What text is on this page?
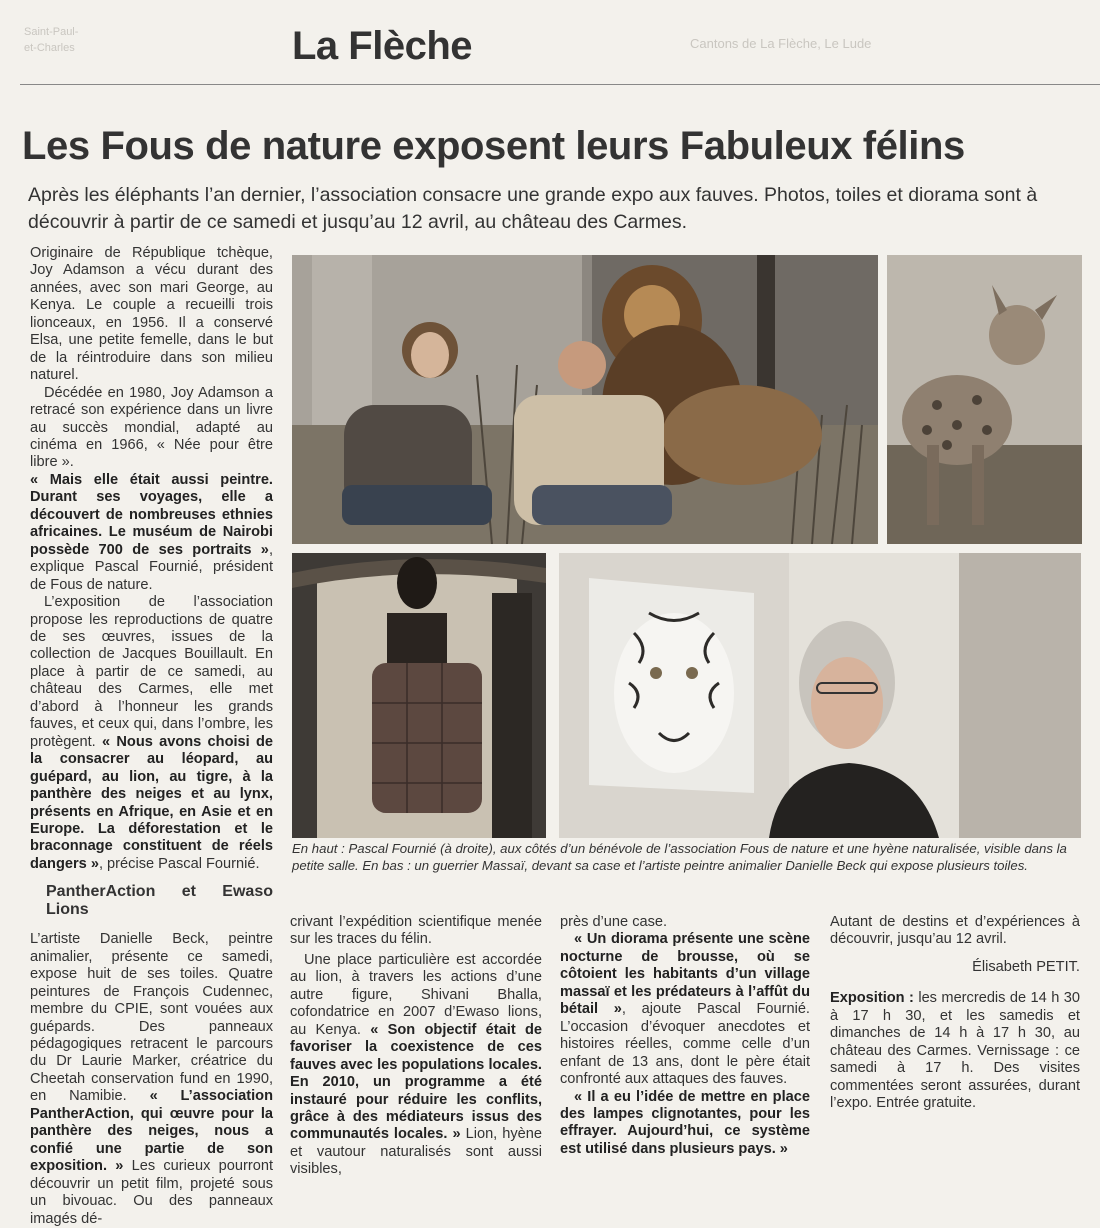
Saint-Paul-
et-Charles	Cantons de La Flèche, Le Lude
La Flèche
Les Fous de nature exposent leurs Fabuleux félins
Après les éléphants l’an dernier, l’association consacre une grande expo aux fauves. Photos, toiles et diorama sont à découvrir à partir de ce samedi et jusqu’au 12 avril, au château des Carmes.

Originaire de République tchèque, Joy Adamson a vécu durant des années, avec son mari George, au Kenya. Le couple a recueilli trois lionceaux, en 1956. Il a conservé Elsa, une petite femelle, dans le but de la réintroduire dans son milieu naturel.

Décédée en 1980, Joy Adamson a retracé son expérience dans un livre au succès mondial, adapté au cinéma en 1966, « Née pour être libre ».

« Mais elle était aussi peintre. Durant ses voyages, elle a découvert de nombreuses ethnies africaines. Le muséum de Nairobi possède 700 de ses portraits », explique Pascal Fournié, président de Fous de nature.

L’exposition de l’association propose les reproductions de quatre de ses œuvres, issues de la collection de Jacques Bouillault. En place à partir de ce samedi, au château des Carmes, elle met d’abord à l’honneur les grands fauves, et ceux qui, dans l’ombre, les protègent. « Nous avons choisi de la consacrer au léopard, au guépard, au lion, au tigre, à la panthère des neiges et au lynx, présents en Afrique, en Asie et en Europe. La déforestation et le braconnage constituent de réels dangers », précise Pascal Fournié.

PantherAction et Ewaso Lions

L’artiste Danielle Beck, peintre animalier, présente ce samedi, expose huit de ses toiles. Quatre peintures de François Cudennec, membre du CPIE, sont vouées aux guépards. Des panneaux pédagogiques retracent le parcours du Dr Laurie Marker, créatrice du Cheetah conservation fund en 1990, en Namibie. « L’association PantherAction, qui œuvre pour la panthère des neiges, nous a confié une partie de son exposition. » Les curieux pourront découvrir un petit film, projeté sous un bivouac. Ou des panneaux imagés dé-

En haut : Pascal Fournié (à droite), aux côtés d’un bénévole de l’association Fous de nature et une hyène naturalisée, visible dans la petite salle. En bas : un guerrier Massaï, devant sa case et l’artiste peintre animalier Danielle Beck qui expose plusieurs toiles.

crivant l’expédition scientifique menée sur les traces du félin.

Une place particulière est accordée au lion, à travers les actions d’une autre figure, Shivani Bhalla, cofondatrice en 2007 d’Ewaso lions, au Kenya. « Son objectif était de favoriser la coexistence de ces fauves avec les populations locales. En 2010, un programme a été instauré pour réduire les conflits, grâce à des médiateurs issus des communautés locales. » Lion, hyène et vautour naturalisés sont aussi visibles,

près d’une case.

« Un diorama présente une scène nocturne de brousse, où se côtoient les habitants d’un village massaï et les prédateurs à l’affût du bétail », ajoute Pascal Fournié. L’occasion d’évoquer anecdotes et histoires réelles, comme celle d’un enfant de 13 ans, dont le père était confronté aux attaques des fauves.

« Il a eu l’idée de mettre en place des lampes clignotantes, pour les effrayer. Aujourd’hui, ce système est utilisé dans plusieurs pays. »

Autant de destins et d’expériences à découvrir, jusqu’au 12 avril.

Élisabeth PETIT.
Exposition : les mercredis de 14 h 30 à 17 h 30, et les samedis et dimanches de 14 h à 17 h 30, au château des Carmes. Vernissage : ce samedi à 17 h. Des visites commentées seront assurées, durant l’expo. Entrée gratuite.
